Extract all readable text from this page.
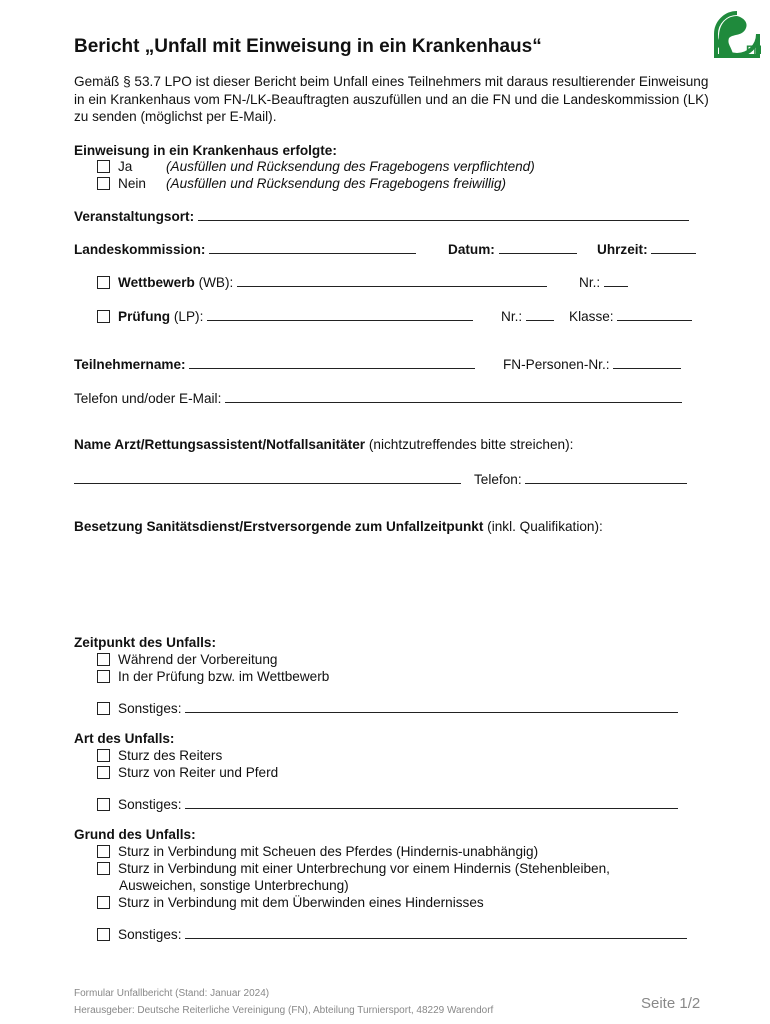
Bericht „Unfall mit Einweisung in ein Krankenhaus“	FN
Gemäß § 53.7 LPO ist dieser Bericht beim Unfall eines Teilnehmers mit daraus resultierender Einweisung in ein Krankenhaus vom FN-/LK-Beauftragten auszufüllen und an die FN und die Landeskommission (LK) zu senden (möglichst per E-Mail).
Einweisung in ein Krankenhaus erfolgte:
Ja (Ausfüllen und Rücksendung des Fragebogens verpflichtend)
Nein (Ausfüllen und Rücksendung des Fragebogens freiwillig)
Veranstaltungsort:
Landeskommission:	Datum:	Uhrzeit:
Wettbewerb (WB):	Nr.:
Prüfung (LP):	Nr.:	Klasse:
Teilnehmername:	FN-Personen-Nr.:
Telefon und/oder E-Mail:
Name Arzt/Rettungsassistent/Notfallsanitäter (nichtzutreffendes bitte streichen):
Telefon:
Besetzung Sanitätsdienst/Erstversorgende zum Unfallzeitpunkt (inkl. Qualifikation):
Zeitpunkt des Unfalls:
Während der Vorbereitung
In der Prüfung bzw. im Wettbewerb
Sonstiges:
Art des Unfalls:
Sturz des Reiters
Sturz von Reiter und Pferd
Sonstiges:
Grund des Unfalls:
Sturz in Verbindung mit Scheuen des Pferdes (Hindernis-unabhängig)
Sturz in Verbindung mit einer Unterbrechung vor einem Hindernis (Stehenbleiben,
Ausweichen, sonstige Unterbrechung)
Sturz in Verbindung mit dem Überwinden eines Hindernisses
Sonstiges:
Formular Unfallbericht (Stand: Januar 2024)
Herausgeber: Deutsche Reiterliche Vereinigung (FN), Abteilung Turniersport, 48229 Warendorf	Seite 1/2
